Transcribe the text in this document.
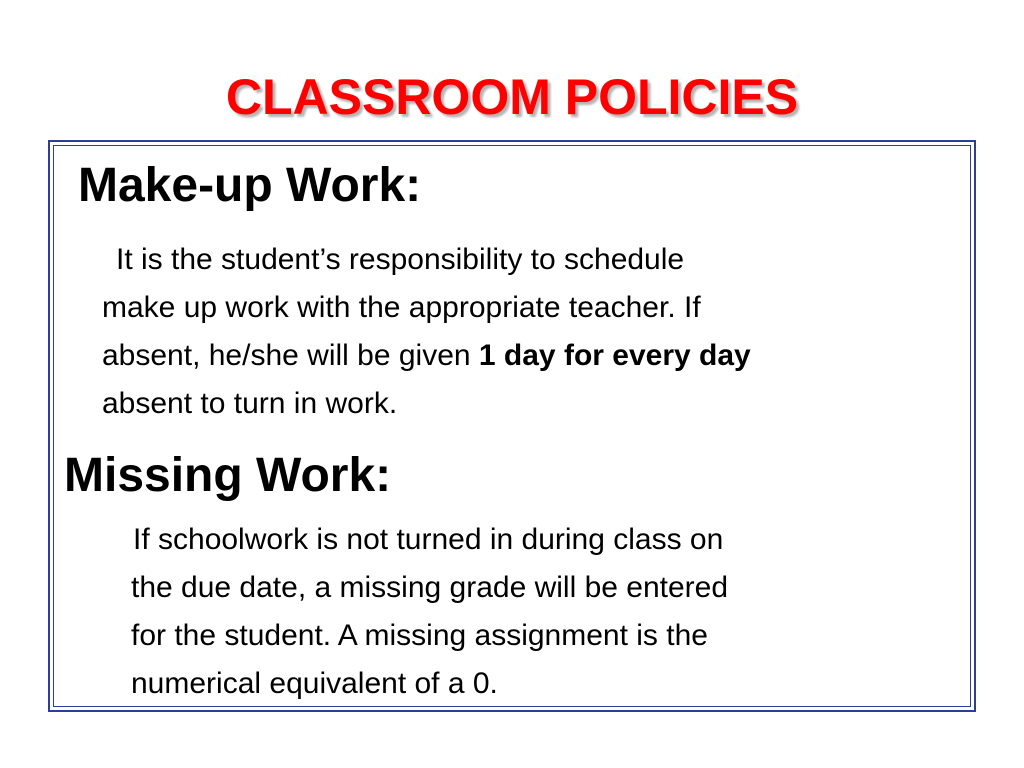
CLASSROOM POLICIES
Make-up Work:
It is the student’s responsibility to schedule
make up work with the appropriate teacher. If
absent, he/she will be given 1 day for every day
absent to turn in work.
Missing Work:
If schoolwork is not turned in during class on
the due date, a missing grade will be entered
for the student. A missing assignment is the
numerical equivalent of a 0.
